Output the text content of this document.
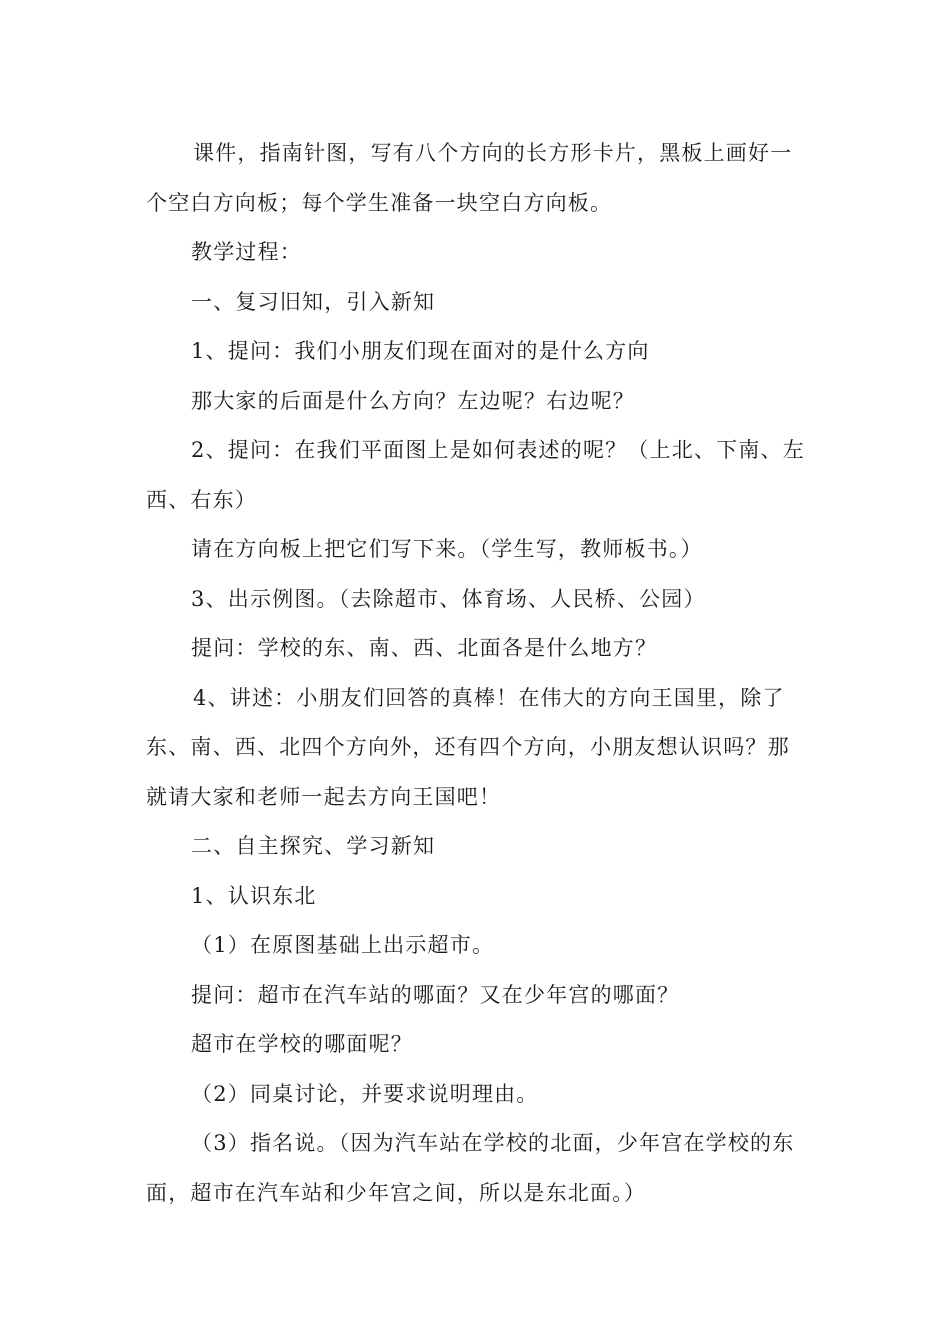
课件，指南针图，写有八个方向的长方形卡片，黑板上画好一
个空白方向板；每个学生准备一块空白方向板。
教学过程：
一、复习旧知，引入新知
1、提问：我们小朋友们现在面对的是什么方向
那大家的后面是什么方向？左边呢？右边呢？
2、提问：在我们平面图上是如何表述的呢？（上北、下南、左
西、右东）
请在方向板上把它们写下来。（学生写，教师板书。）
3、出示例图。（去除超市、体育场、人民桥、公园）
提问：学校的东、南、西、北面各是什么地方？
4、讲述：小朋友们回答的真棒！在伟大的方向王国里，除了
东、南、西、北四个方向外，还有四个方向，小朋友想认识吗？那
就请大家和老师一起去方向王国吧！
二、自主探究、学习新知
1、认识东北
（1）在原图基础上出示超市。
提问：超市在汽车站的哪面？又在少年宫的哪面？
超市在学校的哪面呢？
（2）同桌讨论，并要求说明理由。
（3）指名说。（因为汽车站在学校的北面，少年宫在学校的东
面，超市在汽车站和少年宫之间，所以是东北面。）
